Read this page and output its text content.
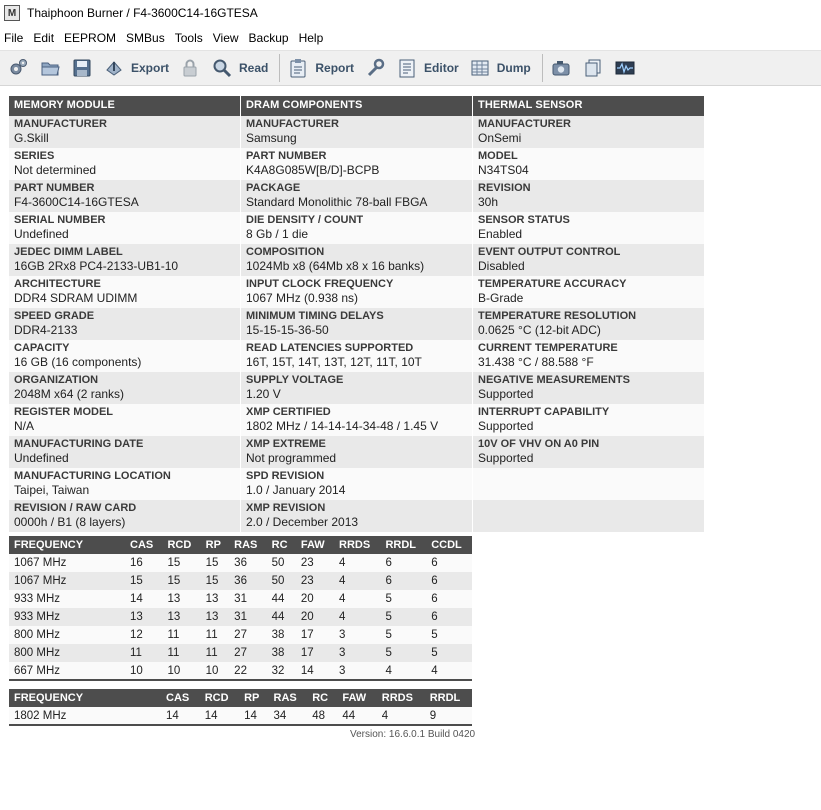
M Thaiphoon Burner / F4-3600C14-16GTESA
File Edit EEPROM SMBus Tools View Backup Help
Export	Read	Report	Editor	Dump
MEMORY MODULE
MANUFACTURER
G.Skill
SERIES
Not determined
PART NUMBER
F4-3600C14-16GTESA
SERIAL NUMBER
Undefined
JEDEC DIMM LABEL
16GB 2Rx8 PC4-2133-UB1-10
ARCHITECTURE
DDR4 SDRAM UDIMM
SPEED GRADE
DDR4-2133
CAPACITY
16 GB (16 components)
ORGANIZATION
2048M x64 (2 ranks)
REGISTER MODEL
N/A
MANUFACTURING DATE
Undefined
MANUFACTURING LOCATION
Taipei, Taiwan
REVISION / RAW CARD
0000h / B1 (8 layers)
DRAM COMPONENTS
MANUFACTURER
Samsung
PART NUMBER
K4A8G085W[B/D]-BCPB
PACKAGE
Standard Monolithic 78-ball FBGA
DIE DENSITY / COUNT
8 Gb / 1 die
COMPOSITION
1024Mb x8 (64Mb x8 x 16 banks)
INPUT CLOCK FREQUENCY
1067 MHz (0.938 ns)
MINIMUM TIMING DELAYS
15-15-15-36-50
READ LATENCIES SUPPORTED
16T, 15T, 14T, 13T, 12T, 11T, 10T
SUPPLY VOLTAGE
1.20 V
XMP CERTIFIED
1802 MHz / 14-14-14-34-48 / 1.45 V
XMP EXTREME
Not programmed
SPD REVISION
1.0 / January 2014
XMP REVISION
2.0 / December 2013
THERMAL SENSOR
MANUFACTURER
OnSemi
MODEL
N34TS04
REVISION
30h
SENSOR STATUS
Enabled
EVENT OUTPUT CONTROL
Disabled
TEMPERATURE ACCURACY
B-Grade
TEMPERATURE RESOLUTION
0.0625 °C (12-bit ADC)
CURRENT TEMPERATURE
31.438 °C / 88.588 °F
NEGATIVE MEASUREMENTS
Supported
INTERRUPT CAPABILITY
Supported
10V OF VHV ON A0 PIN
Supported
FREQUENCY	CAS	RCD	RP	RAS	RC	FAW	RRDS	RRDL	CCDL
1067 MHz	16	15	15	36	50	23	4	6	6
1067 MHz	15	15	15	36	50	23	4	6	6
933 MHz	14	13	13	31	44	20	4	5	6
933 MHz	13	13	13	31	44	20	4	5	6
800 MHz	12	11	11	27	38	17	3	5	5
800 MHz	11	11	11	27	38	17	3	5	5
667 MHz	10	10	10	22	32	14	3	4	4
FREQUENCY	CAS	RCD	RP	RAS	RC	FAW	RRDS	RRDL
1802 MHz	14	14	14	34	48	44	4	9
Version: 16.6.0.1 Build 0420
